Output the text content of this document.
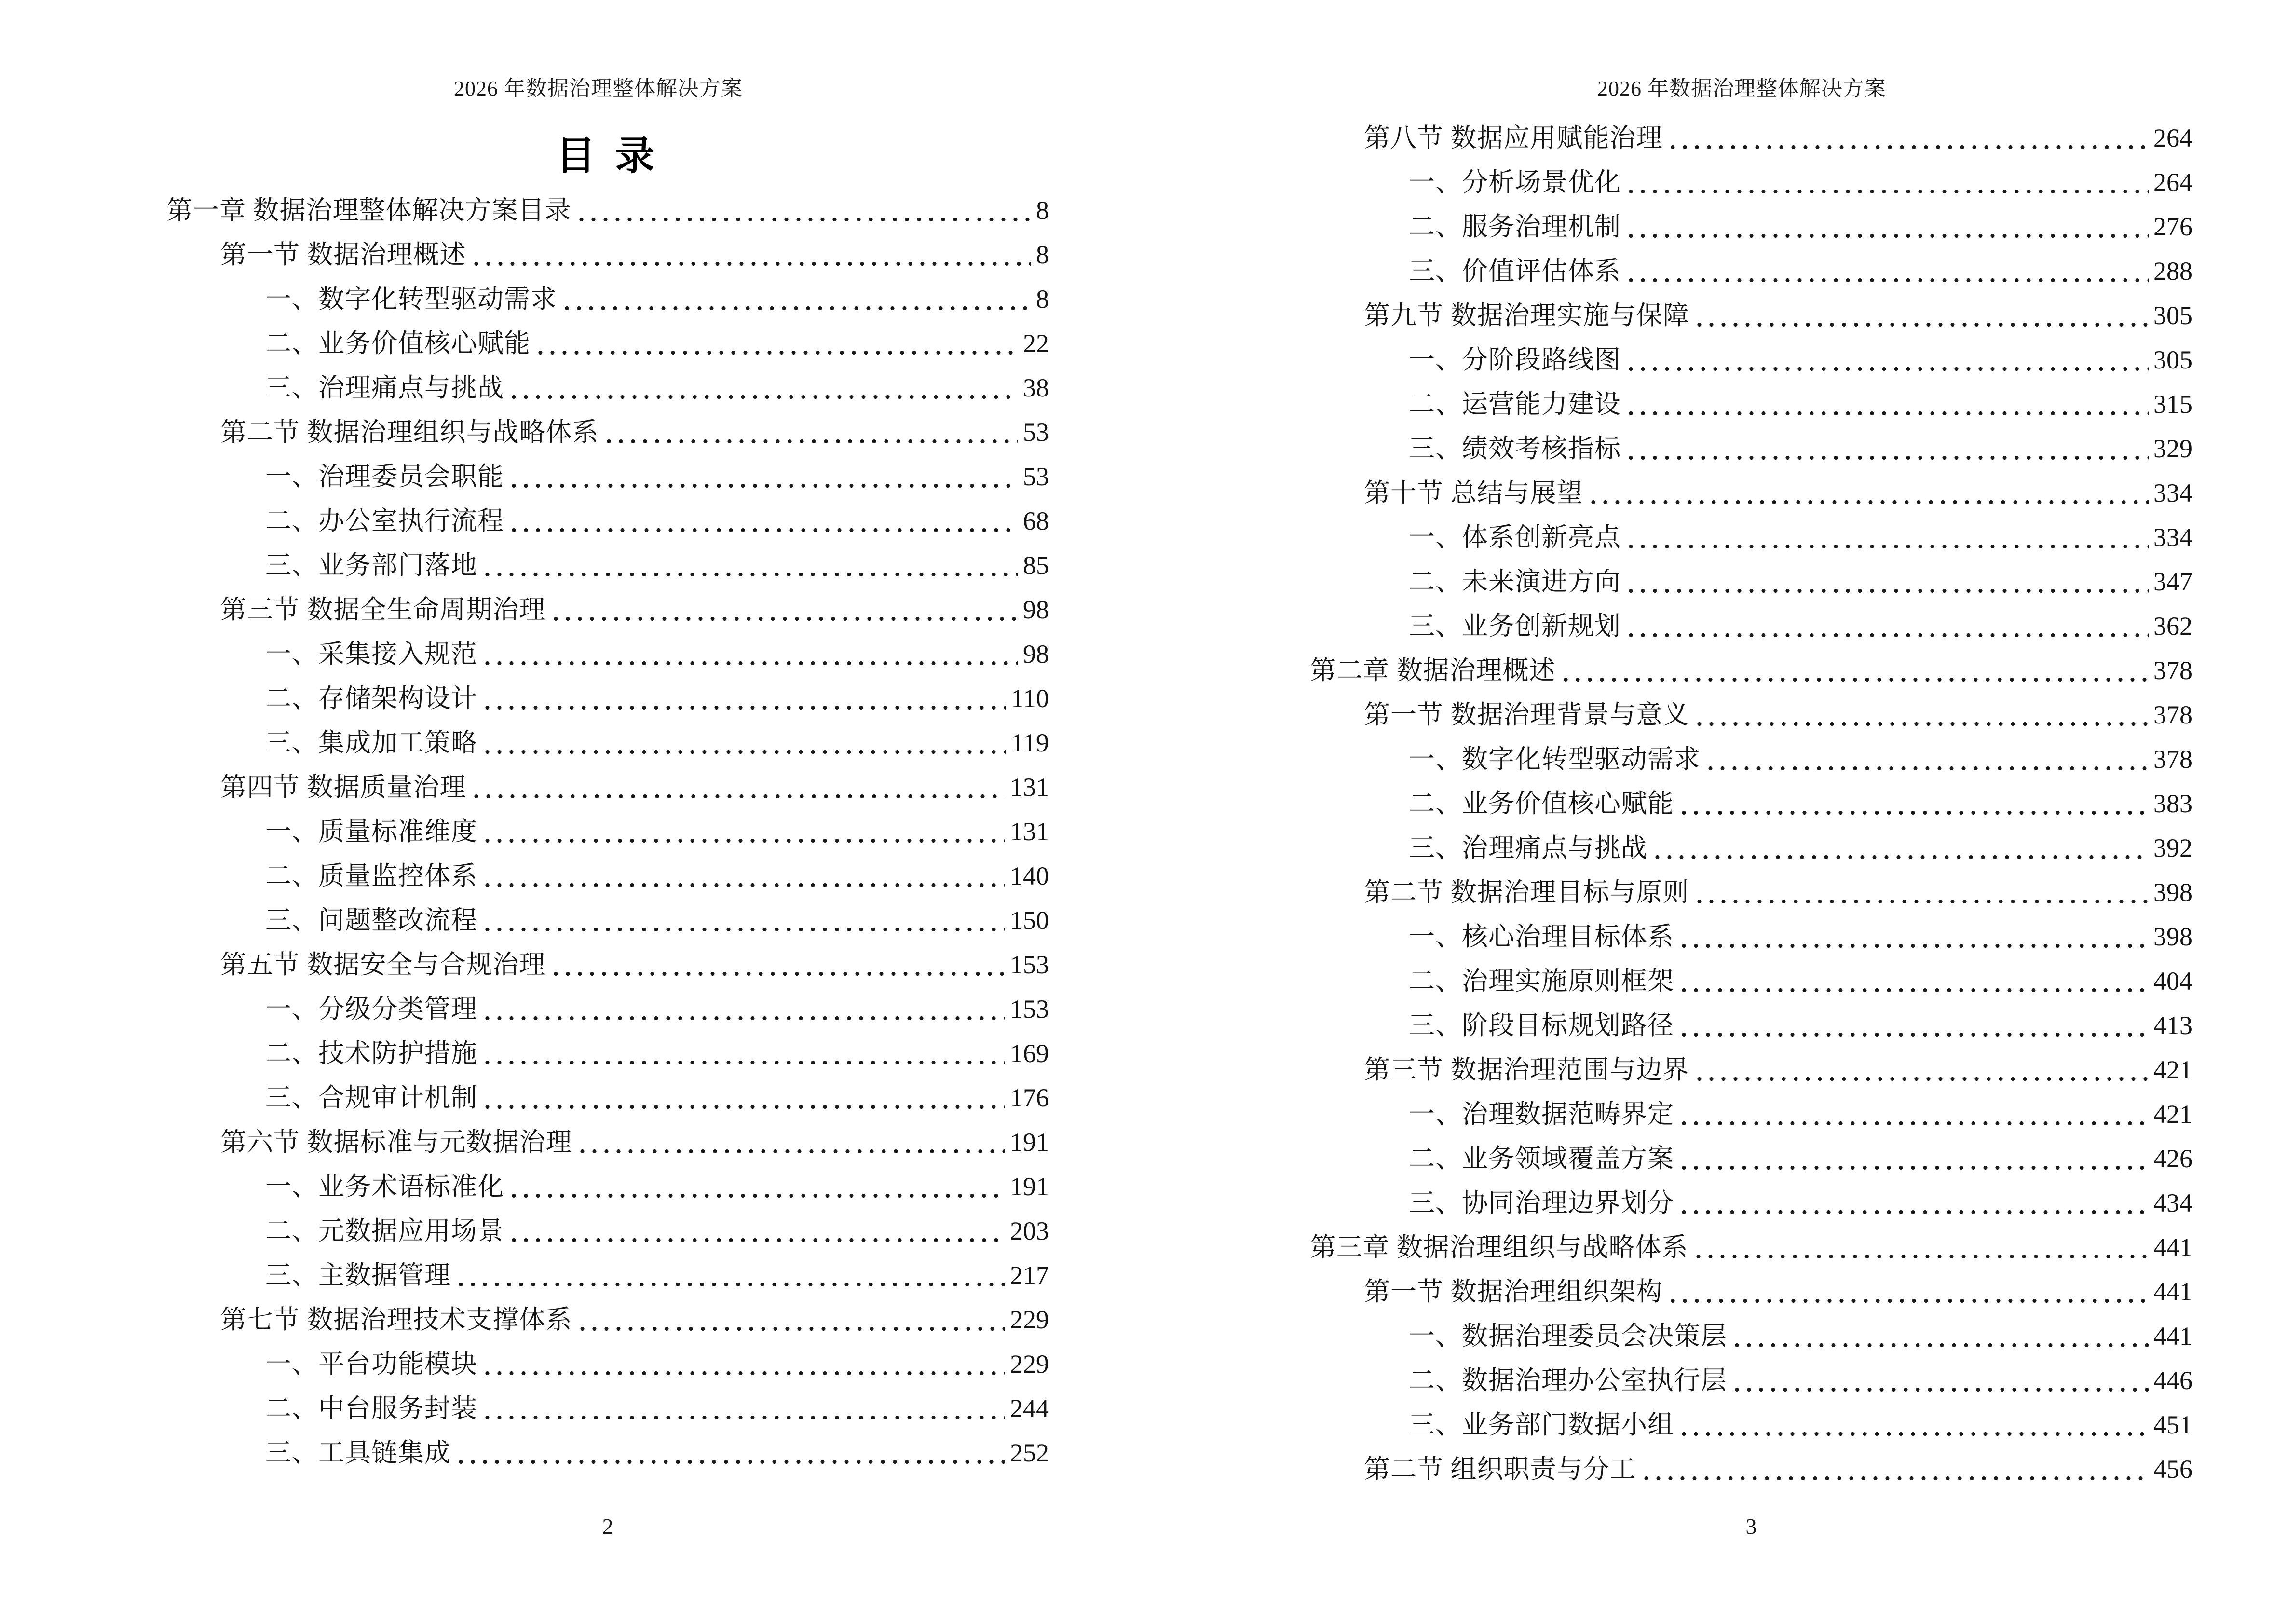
2026 年数据治理整体解决方案
目 录
第一章 数据治理整体解决方案目录	8
第一节 数据治理概述	8
一、数字化转型驱动需求	8
二、业务价值核心赋能	22
三、治理痛点与挑战	38
第二节 数据治理组织与战略体系	53
一、治理委员会职能	53
二、办公室执行流程	68
三、业务部门落地	85
第三节 数据全生命周期治理	98
一、采集接入规范	98
二、存储架构设计	110
三、集成加工策略	119
第四节 数据质量治理	131
一、质量标准维度	131
二、质量监控体系	140
三、问题整改流程	150
第五节 数据安全与合规治理	153
一、分级分类管理	153
二、技术防护措施	169
三、合规审计机制	176
第六节 数据标准与元数据治理	191
一、业务术语标准化	191
二、元数据应用场景	203
三、主数据管理	217
第七节 数据治理技术支撑体系	229
一、平台功能模块	229
二、中台服务封装	244
三、工具链集成	252
2
2026 年数据治理整体解决方案
第八节 数据应用赋能治理	264
一、分析场景优化	264
二、服务治理机制	276
三、价值评估体系	288
第九节 数据治理实施与保障	305
一、分阶段路线图	305
二、运营能力建设	315
三、绩效考核指标	329
第十节 总结与展望	334
一、体系创新亮点	334
二、未来演进方向	347
三、业务创新规划	362
第二章 数据治理概述	378
第一节 数据治理背景与意义	378
一、数字化转型驱动需求	378
二、业务价值核心赋能	383
三、治理痛点与挑战	392
第二节 数据治理目标与原则	398
一、核心治理目标体系	398
二、治理实施原则框架	404
三、阶段目标规划路径	413
第三节 数据治理范围与边界	421
一、治理数据范畴界定	421
二、业务领域覆盖方案	426
三、协同治理边界划分	434
第三章 数据治理组织与战略体系	441
第一节 数据治理组织架构	441
一、数据治理委员会决策层	441
二、数据治理办公室执行层	446
三、业务部门数据小组	451
第二节 组织职责与分工	456
3
